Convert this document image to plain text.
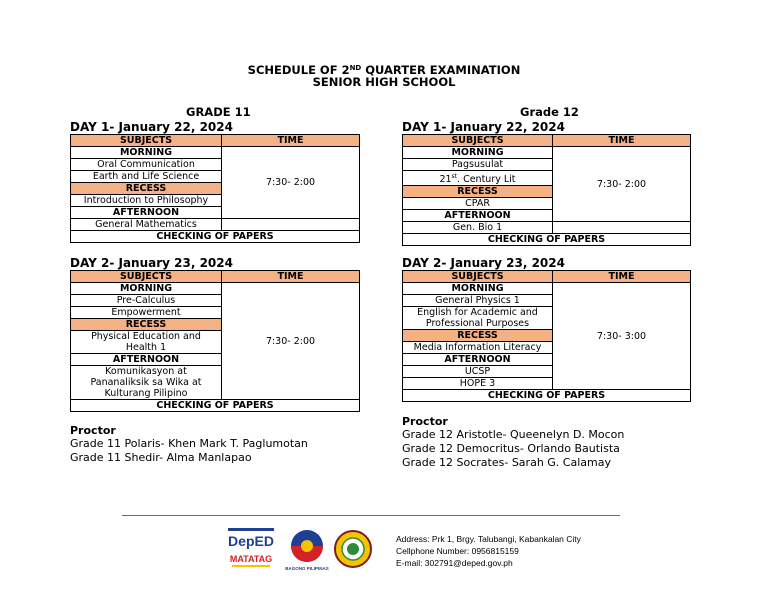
SCHEDULE OF 2ND QUARTER EXAMINATION
SENIOR HIGH SCHOOL
GRADE 11
DAY 1- January 22, 2024
SUBJECTS	TIME
MORNING	7:30- 2:00
Oral Communication	
Earth and Life Science	
RECESS	
Introduction to Philosophy	
AFTERNOON	
General Mathematics	
CHECKING OF PAPERS	
DAY 2- January 23, 2024
SUBJECTS	TIME
MORNING	7:30- 2:00
Pre-Calculus	
Empowerment	
RECESS	
Physical Education and
Health 1	
AFTERNOON	
Komunikasyon at
Pananaliksik sa Wika at
Kulturang Pilipino	
CHECKING OF PAPERS	
Proctor
Grade 11 Polaris- Khen Mark T. Paglumotan
Grade 11 Shedir- Alma Manlapao
Grade 12
DAY 1- January 22, 2024
SUBJECTS	TIME
MORNING	7:30- 2:00
Pagsusulat	
21st. Century Lit	
RECESS	
CPAR	
AFTERNOON	
Gen. Bio 1	
CHECKING OF PAPERS	
DAY 2- January 23, 2024
SUBJECTS	TIME
MORNING	7:30- 3:00
General Physics 1	
English for Academic and
Professional Purposes	
RECESS	
Media Information Literacy	
AFTERNOON	
UCSP	
HOPE 3	
CHECKING OF PAPERS	
Proctor
Grade 12 Aristotle- Queenelyn D. Mocon
Grade 12 Democritus- Orlando Bautista
Grade 12 Socrates- Sarah G. Calamay
DepED
MATATAG
BAGONG PILIPINAS
Address: Prk 1, Brgy. Talubangi, Kabankalan City
Cellphone Number: 0956815159
E-mail: 302791@deped.gov.ph
